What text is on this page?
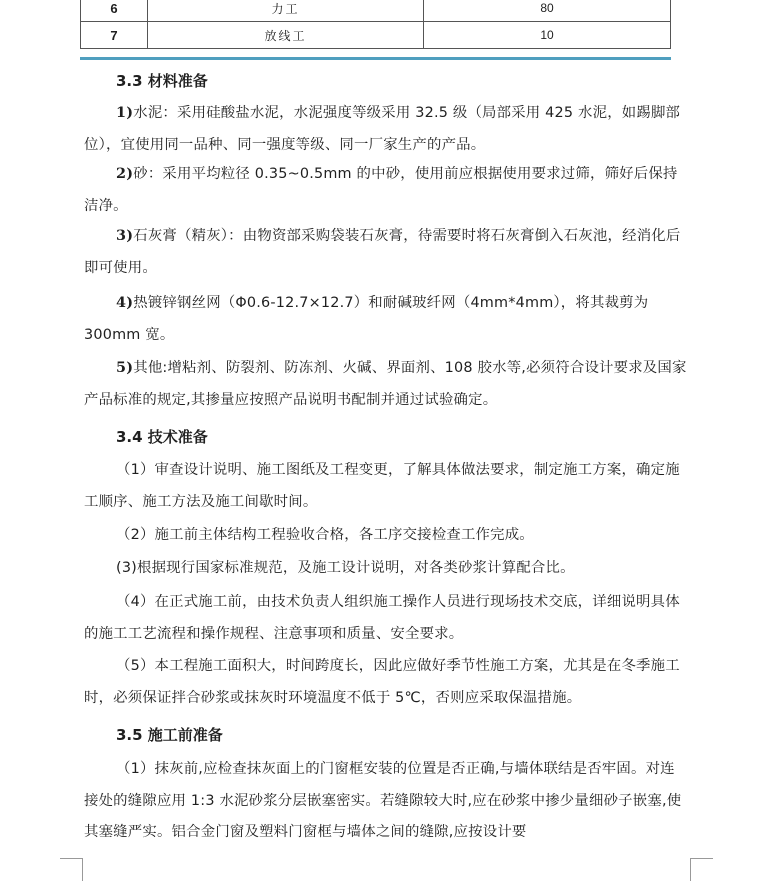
6	力工	80
7	放线工	10
3.3 材料准备

1)水泥：采用硅酸盐水泥，水泥强度等级采用 32.5 级（局部采用 425 水泥，如踢脚部位），宜使用同一品种、同一强度等级、同一厂家生产的产品。

2)砂：采用平均粒径 0.35~0.5mm 的中砂，使用前应根据使用要求过筛，筛好后保持洁净。

3)石灰膏（精灰）：由物资部采购袋装石灰膏，待需要时将石灰膏倒入石灰池，经消化后即可使用。

4)热镀锌钢丝网（Φ0.6-12.7×12.7）和耐碱玻纤网（4mm*4mm），将其裁剪为 300mm 宽。

5)其他:增粘剂、防裂剂、防冻剂、火碱、界面剂、108 胶水等,必须符合设计要求及国家产品标准的规定,其掺量应按照产品说明书配制并通过试验确定。

3.4 技术准备

（1）审查设计说明、施工图纸及工程变更，了解具体做法要求，制定施工方案，确定施工顺序、施工方法及施工间歇时间。

（2）施工前主体结构工程验收合格，各工序交接检查工作完成。

(3)根据现行国家标准规范，及施工设计说明，对各类砂浆计算配合比。

（4）在正式施工前，由技术负责人组织施工操作人员进行现场技术交底，详细说明具体的施工工艺流程和操作规程、注意事项和质量、安全要求。

（5）本工程施工面积大，时间跨度长，因此应做好季节性施工方案，尤其是在冬季施工时，必须保证拌合砂浆或抹灰时环境温度不低于 5℃，否则应采取保温措施。

3.5 施工前准备

（1）抹灰前,应检查抹灰面上的门窗框安装的位置是否正确,与墙体联结是否牢固。对连接处的缝隙应用 1:3 水泥砂浆分层嵌塞密实。若缝隙较大时,应在砂浆中掺少量细砂子嵌塞,使其塞缝严实。铝合金门窗及塑料门窗框与墙体之间的缝隙,应按设计要
